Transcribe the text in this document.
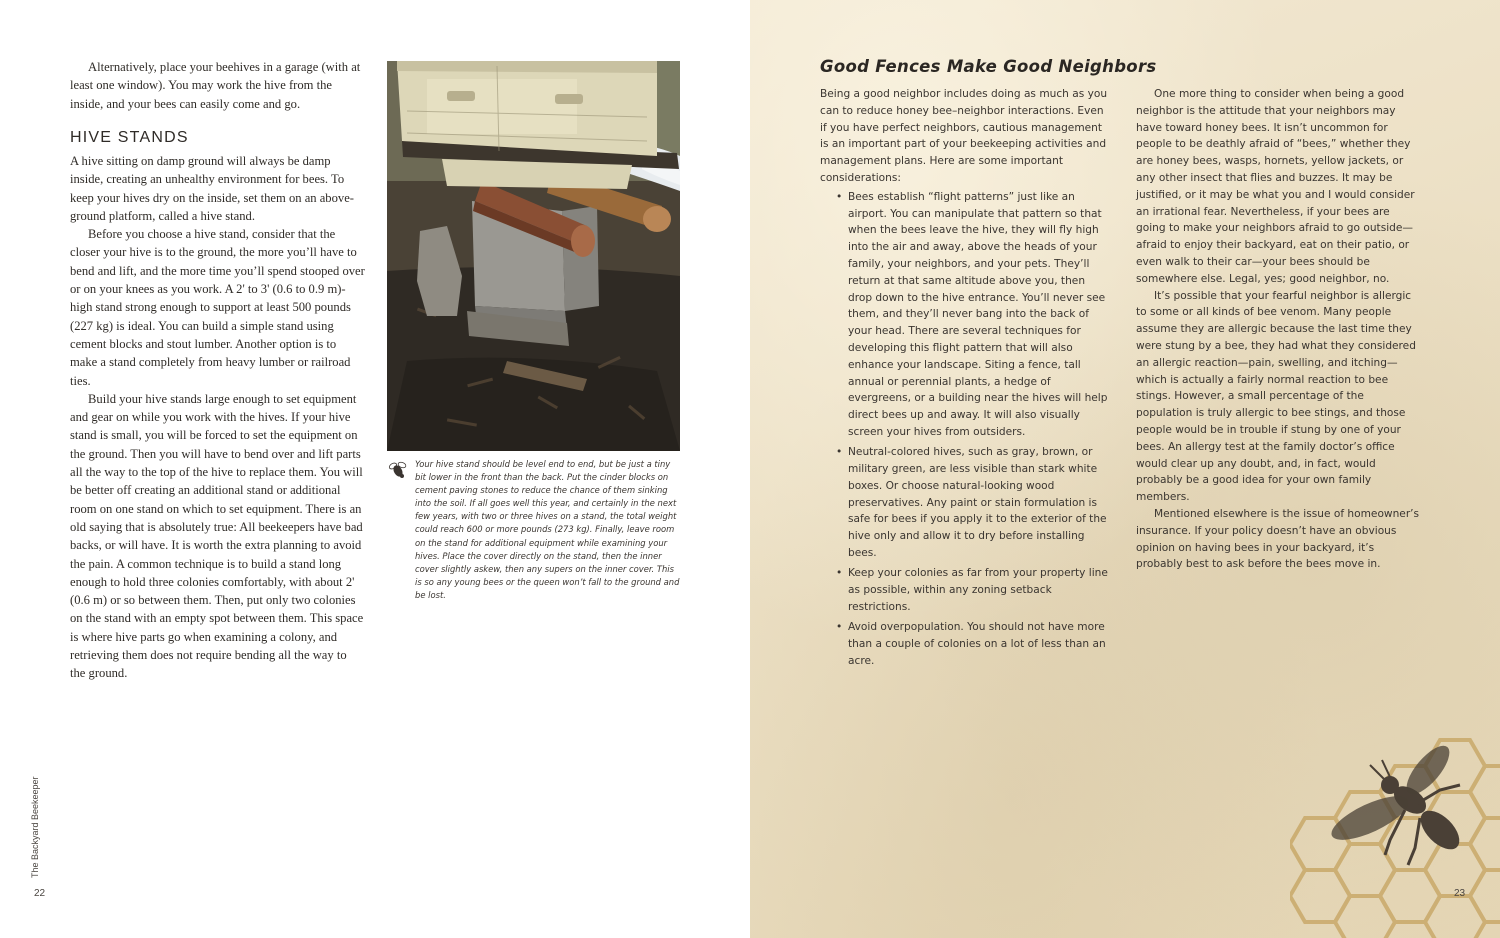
Alternatively, place your beehives in a garage (with at least one window). You may work the hive from the inside, and your bees can easily come and go.

HIVE STANDS

A hive sitting on damp ground will always be damp inside, creating an unhealthy environment for bees. To keep your hives dry on the inside, set them on an above-ground platform, called a hive stand.

Before you choose a hive stand, consider that the closer your hive is to the ground, the more you’ll have to bend and lift, and the more time you’ll spend stooped over or on your knees as you work. A 2' to 3' (0.6 to 0.9 m)-high stand strong enough to support at least 500 pounds (227 kg) is ideal. You can build a simple stand using cement blocks and stout lumber. Another option is to make a stand completely from heavy lumber or railroad ties.

Build your hive stands large enough to set equipment and gear on while you work with the hives. If your hive stand is small, you will be forced to set the equipment on the ground. Then you will have to bend over and lift parts all the way to the top of the hive to replace them. You will be better off creating an additional stand or additional room on one stand on which to set equipment. There is an old saying that is absolutely true: All beekeepers have bad backs, or will have. It is worth the extra planning to avoid the pain. A common technique is to build a stand long enough to hold three colonies comfortably, with about 2' (0.6 m) or so between them. Then, put only two colonies on the stand with an empty spot between them. This space is where hive parts go when examining a colony, and retrieving them does not require bending all the way to the ground.

Your hive stand should be level end to end, but be just a tiny bit lower in the front than the back. Put the cinder blocks on cement paving stones to reduce the chance of them sinking into the soil. If all goes well this year, and certainly in the next few years, with two or three hives on a stand, the total weight could reach 600 or more pounds (273 kg). Finally, leave room on the stand for additional equipment while examining your hives. Place the cover directly on the stand, then the inner cover slightly askew, then any supers on the inner cover. This is so any young bees or the queen won’t fall to the ground and be lost.

The Backyard Beekeeper
22
Good Fences Make Good Neighbors

Being a good neighbor includes doing as much as you can to reduce honey bee–neighbor interactions. Even if you have perfect neighbors, cautious management is an important part of your beekeeping activities and management plans. Here are some important considerations:

• Bees establish “flight patterns” just like an airport. You can manipulate that pattern so that when the bees leave the hive, they will fly high into the air and away, above the heads of your family, your neighbors, and your pets. They’ll return at that same altitude above you, then drop down to the hive entrance. You’ll never see them, and they’ll never bang into the back of your head. There are several techniques for developing this flight pattern that will also enhance your landscape. Siting a fence, tall annual or perennial plants, a hedge of evergreens, or a building near the hives will help direct bees up and away. It will also visually screen your hives from outsiders.
• Neutral-colored hives, such as gray, brown, or military green, are less visible than stark white boxes. Or choose natural-looking wood preservatives. Any paint or stain formulation is safe for bees if you apply it to the exterior of the hive only and allow it to dry before installing bees.
• Keep your colonies as far from your property line as possible, within any zoning setback restrictions.
• Avoid overpopulation. You should not have more than a couple of colonies on a lot of less than an acre.

One more thing to consider when being a good neighbor is the attitude that your neighbors may have toward honey bees. It isn’t uncommon for people to be deathly afraid of “bees,” whether they are honey bees, wasps, hornets, yellow jackets, or any other insect that flies and buzzes. It may be justified, or it may be what you and I would consider an irrational fear. Nevertheless, if your bees are going to make your neighbors afraid to go outside—afraid to enjoy their backyard, eat on their patio, or even walk to their car—your bees should be somewhere else. Legal, yes; good neighbor, no.

It’s possible that your fearful neighbor is allergic to some or all kinds of bee venom. Many people assume they are allergic because the last time they were stung by a bee, they had what they considered an allergic reaction—pain, swelling, and itching—which is actually a fairly normal reaction to bee stings. However, a small percentage of the population is truly allergic to bee stings, and those people would be in trouble if stung by one of your bees. An allergy test at the family doctor’s office would clear up any doubt, and, in fact, would probably be a good idea for your own family members.

Mentioned elsewhere is the issue of homeowner’s insurance. If your policy doesn’t have an obvious opinion on having bees in your backyard, it’s probably best to ask before the bees move in.

23
